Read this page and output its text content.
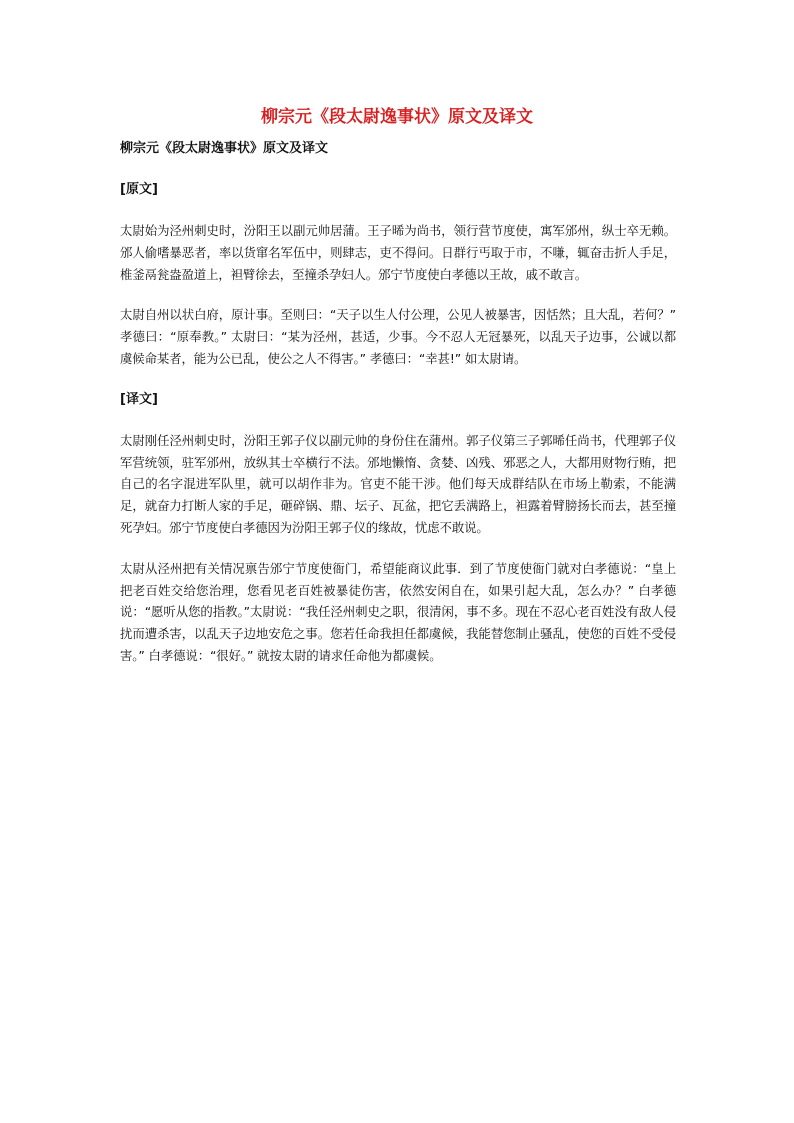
柳宗元《段太尉逸事状》原文及译文

柳宗元《段太尉逸事状》原文及译文

[原文]

太尉始为泾州刺史时，汾阳王以副元帅居蒲。王子晞为尚书，领行营节度使，寓军邠州，纵士卒无赖。邠人偷嗜暴恶者，率以货窜名军伍中，则肆志，吏不得问。日群行丐取于市，不嗛，辄奋击折人手足，椎釜鬲瓮盎盈道上，袒臂徐去，至撞杀孕妇人。邠宁节度使白孝德以王故，戚不敢言。

太尉自州以状白府，原计事。至则曰：“天子以生人付公理，公见人被暴害，因恬然；且大乱，若何？” 孝德曰：“原奉教。” 太尉曰：“某为泾州，甚适，少事。今不忍人无冠暴死，以乱天子边事，公诚以都虞候命某者，能为公已乱，使公之人不得害。” 孝德曰：“幸甚!” 如太尉请。

[译文]

太尉刚任泾州刺史时，汾阳王郭子仪以副元帅的身份住在蒲州。郭子仪第三子郭晞任尚书，代理郭子仪军营统领，驻军邠州，放纵其士卒横行不法。邠地懒惰、贪婪、凶残、邪恶之人，大都用财物行贿，把自己的名字混进军队里，就可以胡作非为。官吏不能干涉。他们每天成群结队在市场上勒索，不能满足，就奋力打断人家的手足，砸碎锅、鼎、坛子、瓦盆，把它丢满路上，袒露着臂膀扬长而去，甚至撞死孕妇。邠宁节度使白孝德因为汾阳王郭子仪的缘故，忧虑不敢说。

太尉从泾州把有关情况禀告邠宁节度使衙门，希望能商议此事．到了节度使衙门就对白孝德说：“皇上把老百姓交给您治理，您看见老百姓被暴徒伤害，依然安闲自在，如果引起大乱，怎么办？” 白孝德说：“愿听从您的指教。”太尉说：“我任泾州刺史之职，很清闲，事不多。现在不忍心老百姓没有敌人侵扰而遭杀害，以乱天子边地安危之事。您若任命我担任都虞候，我能替您制止骚乱，使您的百姓不受侵害。” 白孝德说：“很好。” 就按太尉的请求任命他为都虞候。
